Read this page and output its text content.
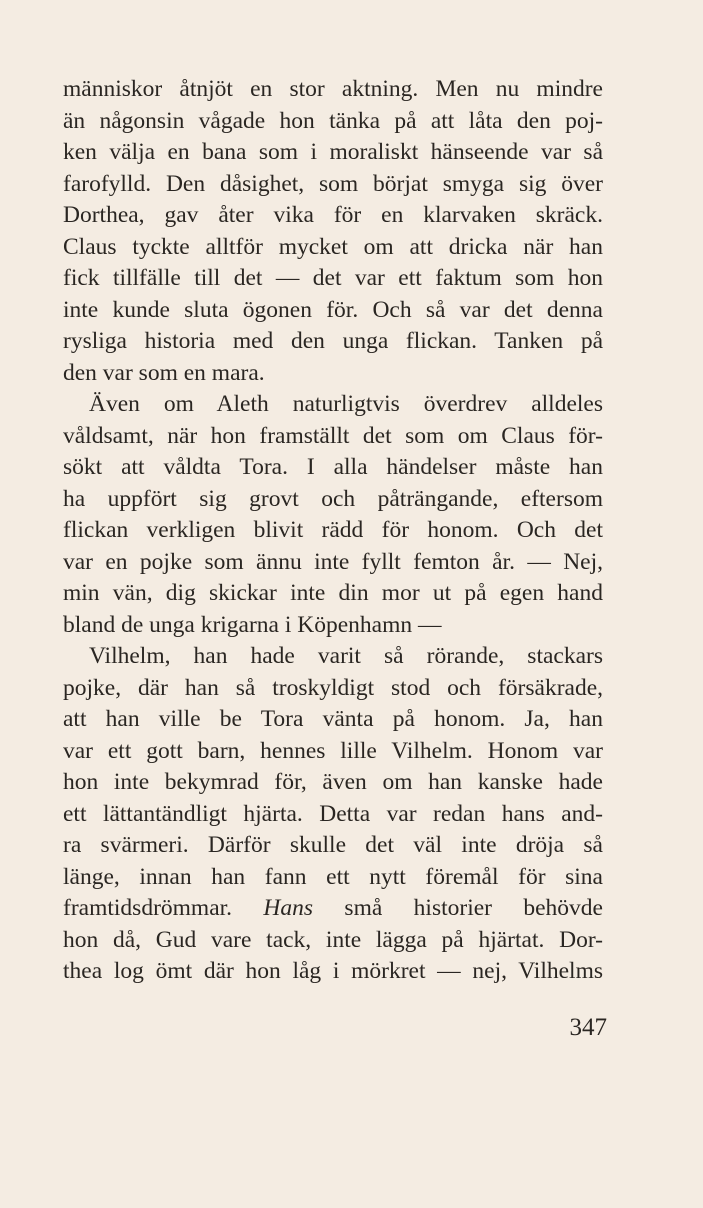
människor åtnjöt en stor aktning. Men nu mindre
än någonsin vågade hon tänka på att låta den poj-
ken välja en bana som i moraliskt hänseende var så
farofylld. Den dåsighet, som börjat smyga sig över
Dorthea, gav åter vika för en klarvaken skräck.
Claus tyckte alltför mycket om att dricka när han
fick tillfälle till det — det var ett faktum som hon
inte kunde sluta ögonen för. Och så var det denna
rysliga historia med den unga flickan. Tanken på
den var som en mara.
Även om Aleth naturligtvis överdrev alldeles
våldsamt, när hon framställt det som om Claus för-
sökt att våldta Tora. I alla händelser måste han
ha uppfört sig grovt och påträngande, eftersom
flickan verkligen blivit rädd för honom. Och det
var en pojke som ännu inte fyllt femton år. — Nej,
min vän, dig skickar inte din mor ut på egen hand
bland de unga krigarna i Köpenhamn —
Vilhelm, han hade varit så rörande, stackars
pojke, där han så troskyldigt stod och försäkrade,
att han ville be Tora vänta på honom. Ja, han
var ett gott barn, hennes lille Vilhelm. Honom var
hon inte bekymrad för, även om han kanske hade
ett lättantändligt hjärta. Detta var redan hans and-
ra svärmeri. Därför skulle det väl inte dröja så
länge, innan han fann ett nytt föremål för sina
framtidsdrömmar. Hans små historier behövde
hon då, Gud vare tack, inte lägga på hjärtat. Dor-
thea log ömt där hon låg i mörkret — nej, Vilhelms
347
